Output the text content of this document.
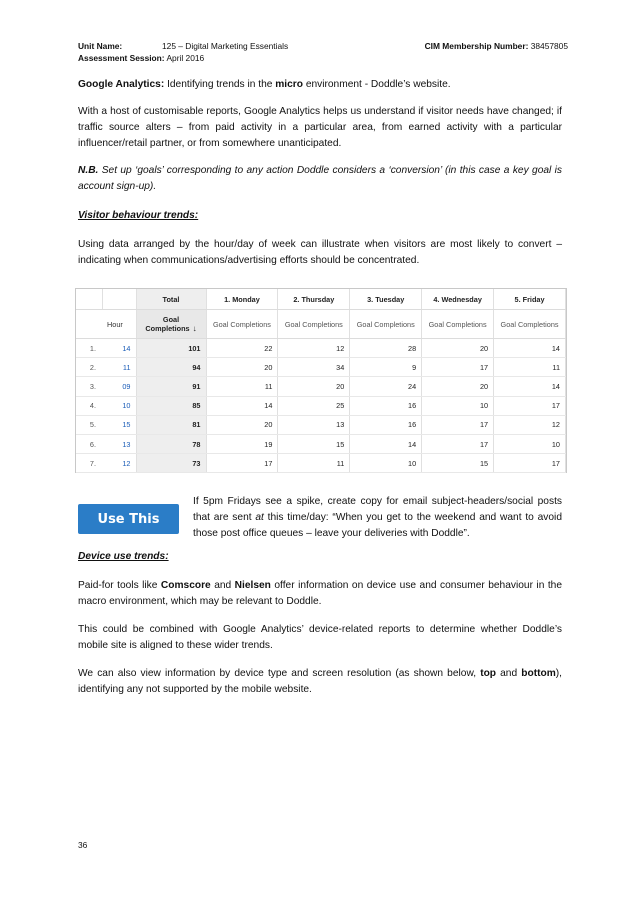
Unit Name:	125 – Digital Marketing Essentials	CIM Membership Number: 38457805
Assessment Session: April 2016

Google Analytics: Identifying trends in the micro environment - Doddle’s website.

With a host of customisable reports, Google Analytics helps us understand if visitor needs have changed; if traffic source alters – from paid activity in a particular area, from earned activity with a particular influencer/retail partner, or from somewhere unanticipated.

N.B. Set up ‘goals’ corresponding to any action Doddle considers a ‘conversion’ (in this case a key goal is account sign-up).

Visitor behaviour trends:

Using data arranged by the hour/day of week can illustrate when visitors are most likely to convert – indicating when communications/advertising efforts should be concentrated.

		Total	1. Monday	2. Thursday	3. Tuesday	4. Wednesday	5. Friday
	Hour	Goal Completions ↓	Goal Completions	Goal Completions	Goal Completions	Goal Completions	Goal Completions
1.	14	101	22	12	28	20	14
2.	11	94	20	34	9	17	11
3.	09	91	11	20	24	20	14
4.	10	85	14	25	16	10	17
5.	15	81	20	13	16	17	12
6.	13	78	19	15	14	17	10
7.	12	73	17	11	10	15	17
Use This
If 5pm Fridays see a spike, create copy for email subject-headers/social posts that are sent at this time/day: “When you get to the weekend and want to avoid those post office queues – leave your deliveries with Doddle”.

Device use trends:

Paid-for tools like Comscore and Nielsen offer information on device use and consumer behaviour in the macro environment, which may be relevant to Doddle.

This could be combined with Google Analytics’ device-related reports to determine whether Doddle’s mobile site is aligned to these wider trends.

We can also view information by device type and screen resolution (as shown below, top and bottom), identifying any not supported by the mobile website.

36
